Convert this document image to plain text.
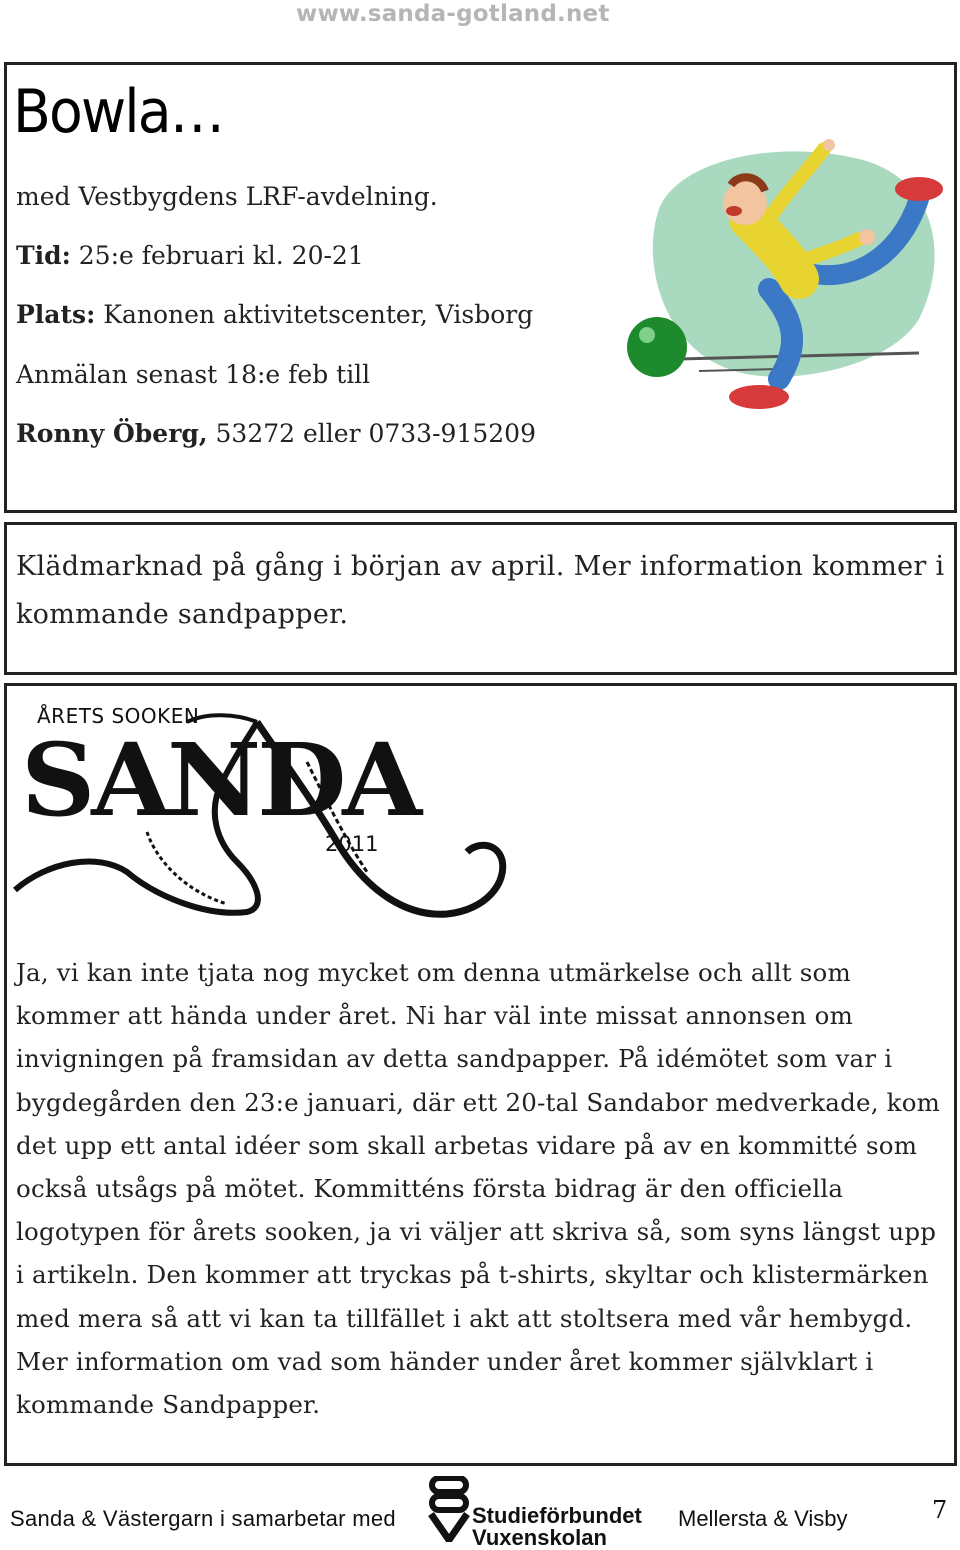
www.sanda-gotland.net
Bowla…
med Vestbygdens LRF-avdelning.
Tid: 25:e februari kl. 20-21
Plats: Kanonen aktivitetscenter, Visborg
Anmälan senast 18:e feb till
Ronny Öberg, 53272 eller 0733-915209
Klädmarknad på gång i början av april. Mer information kommer i kommande sandpapper.
ÅRETS SOOKEN
SANDA
2011
Ja, vi kan inte tjata nog mycket om denna utmärkelse och allt som kommer att hända under året. Ni har väl inte missat annonsen om invigningen på framsidan av detta sandpapper. På idémötet som var i bygdegården den 23:e januari, där ett 20-tal Sandabor medverkade, kom det upp ett antal idéer som skall arbetas vidare på av en kommitté som också utsågs på mötet. Kommitténs första bidrag är den officiella logotypen för årets sooken, ja vi väljer att skriva så, som syns längst upp i artikeln. Den kommer att tryckas på t-shirts, skyltar och klistermärken med mera så att vi kan ta tillfället i akt att stoltsera med vår hembygd. Mer information om vad som händer under året kommer självklart i kommande Sandpapper.
Sanda & Västergarn i samarbetar med	Studieförbundet
Vuxenskolan
Mellersta & Visby	7
